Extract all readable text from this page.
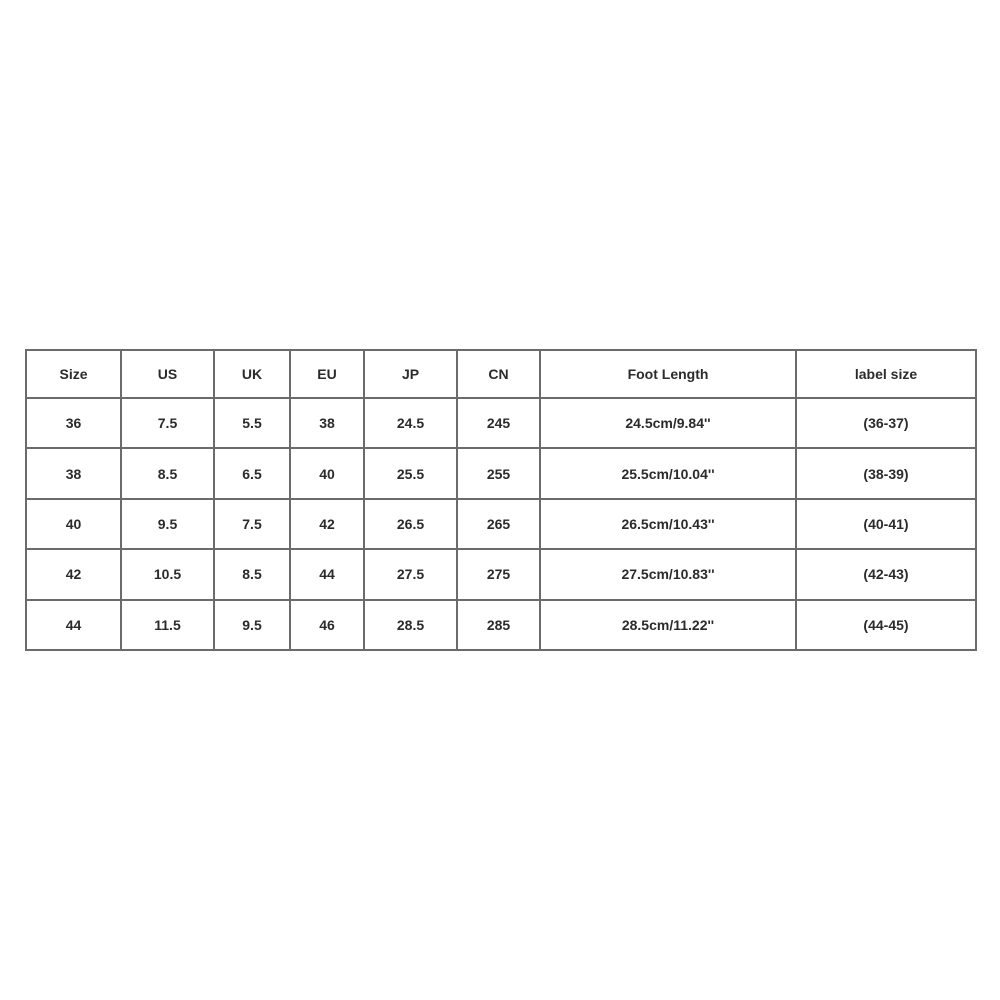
Size	US	UK	EU	JP	CN	Foot Length	label size
36	7.5	5.5	38	24.5	245	24.5cm/9.84''	(36-37)
38	8.5	6.5	40	25.5	255	25.5cm/10.04''	(38-39)
40	9.5	7.5	42	26.5	265	26.5cm/10.43''	(40-41)
42	10.5	8.5	44	27.5	275	27.5cm/10.83''	(42-43)
44	11.5	9.5	46	28.5	285	28.5cm/11.22''	(44-45)
